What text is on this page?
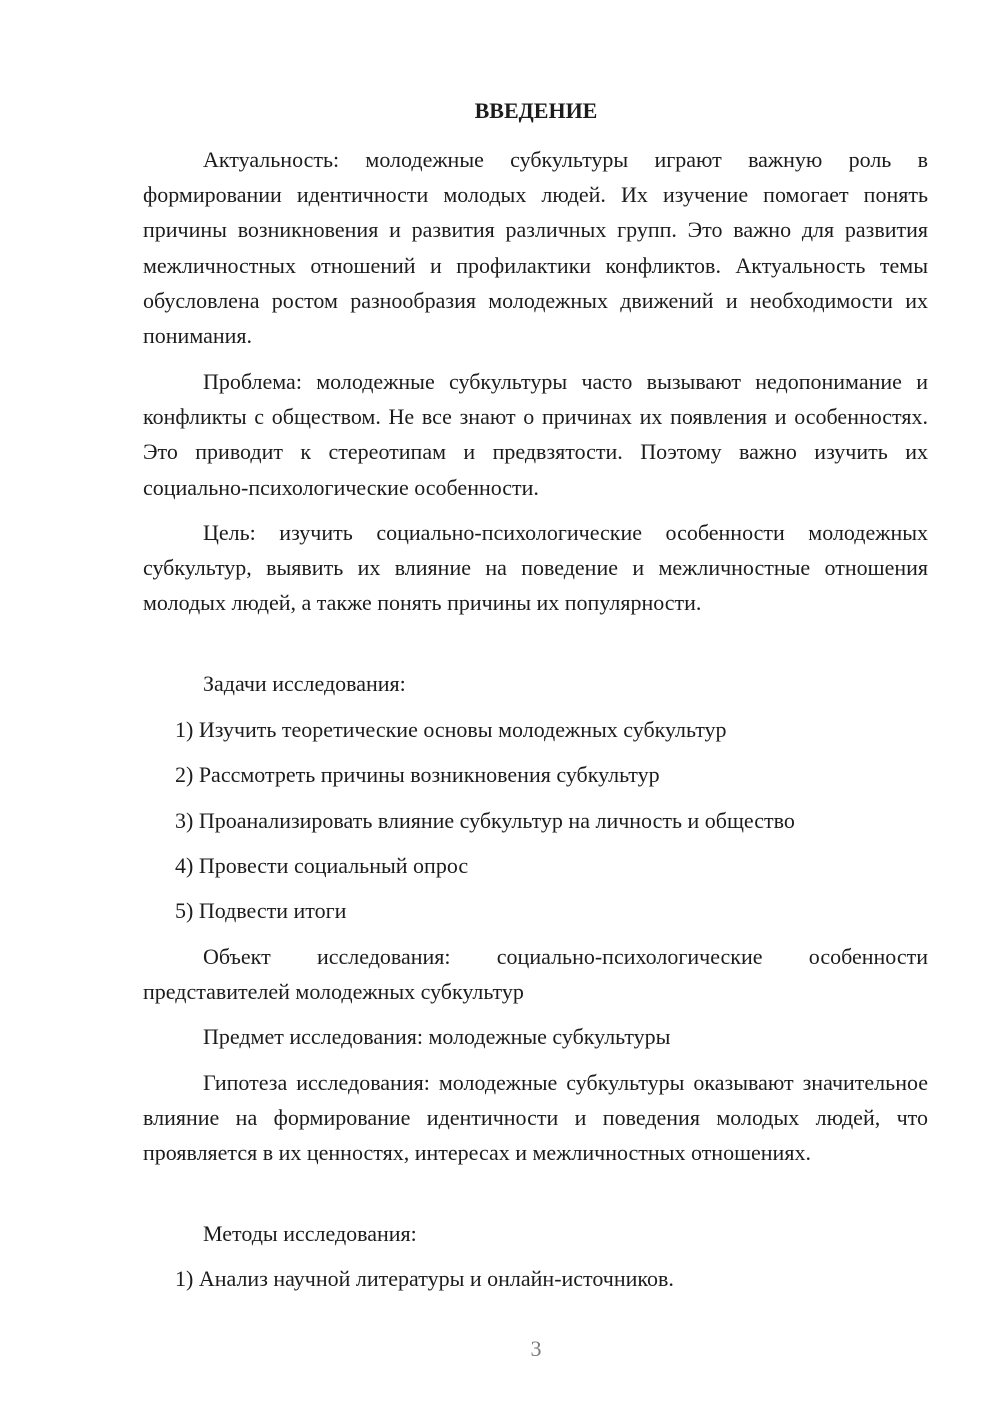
ВВЕДЕНИЕ

Актуальность: молодежные субкультуры играют важную роль в формировании идентичности молодых людей. Их изучение помогает понять причины возникновения и развития различных групп. Это важно для развития межличностных отношений и профилактики конфликтов. Актуальность темы обусловлена ростом разнообразия молодежных движений и необходимости их понимания.

Проблема: молодежные субкультуры часто вызывают недопонимание и конфликты с обществом. Не все знают о причинах их появления и особенностях. Это приводит к стереотипам и предвзятости. Поэтому важно изучить их социально-психологические особенности.

Цель: изучить социально-психологические особенности молодежных субкультур, выявить их влияние на поведение и межличностные отношения молодых людей, а также понять причины их популярности.

Задачи исследования:

1) Изучить теоретические основы молодежных субкультур

2) Рассмотреть причины возникновения субкультур

3) Проанализировать влияние субкультур на личность и общество

4) Провести социальный опрос

5) Подвести итоги

Объект исследования: социально-психологические особенности представителей молодежных субкультур

Предмет исследования: молодежные субкультуры

Гипотеза исследования: молодежные субкультуры оказывают значительное влияние на формирование идентичности и поведения молодых людей, что проявляется в их ценностях, интересах и межличностных отношениях.

Методы исследования:

1) Анализ научной литературы и онлайн-источников.

3
